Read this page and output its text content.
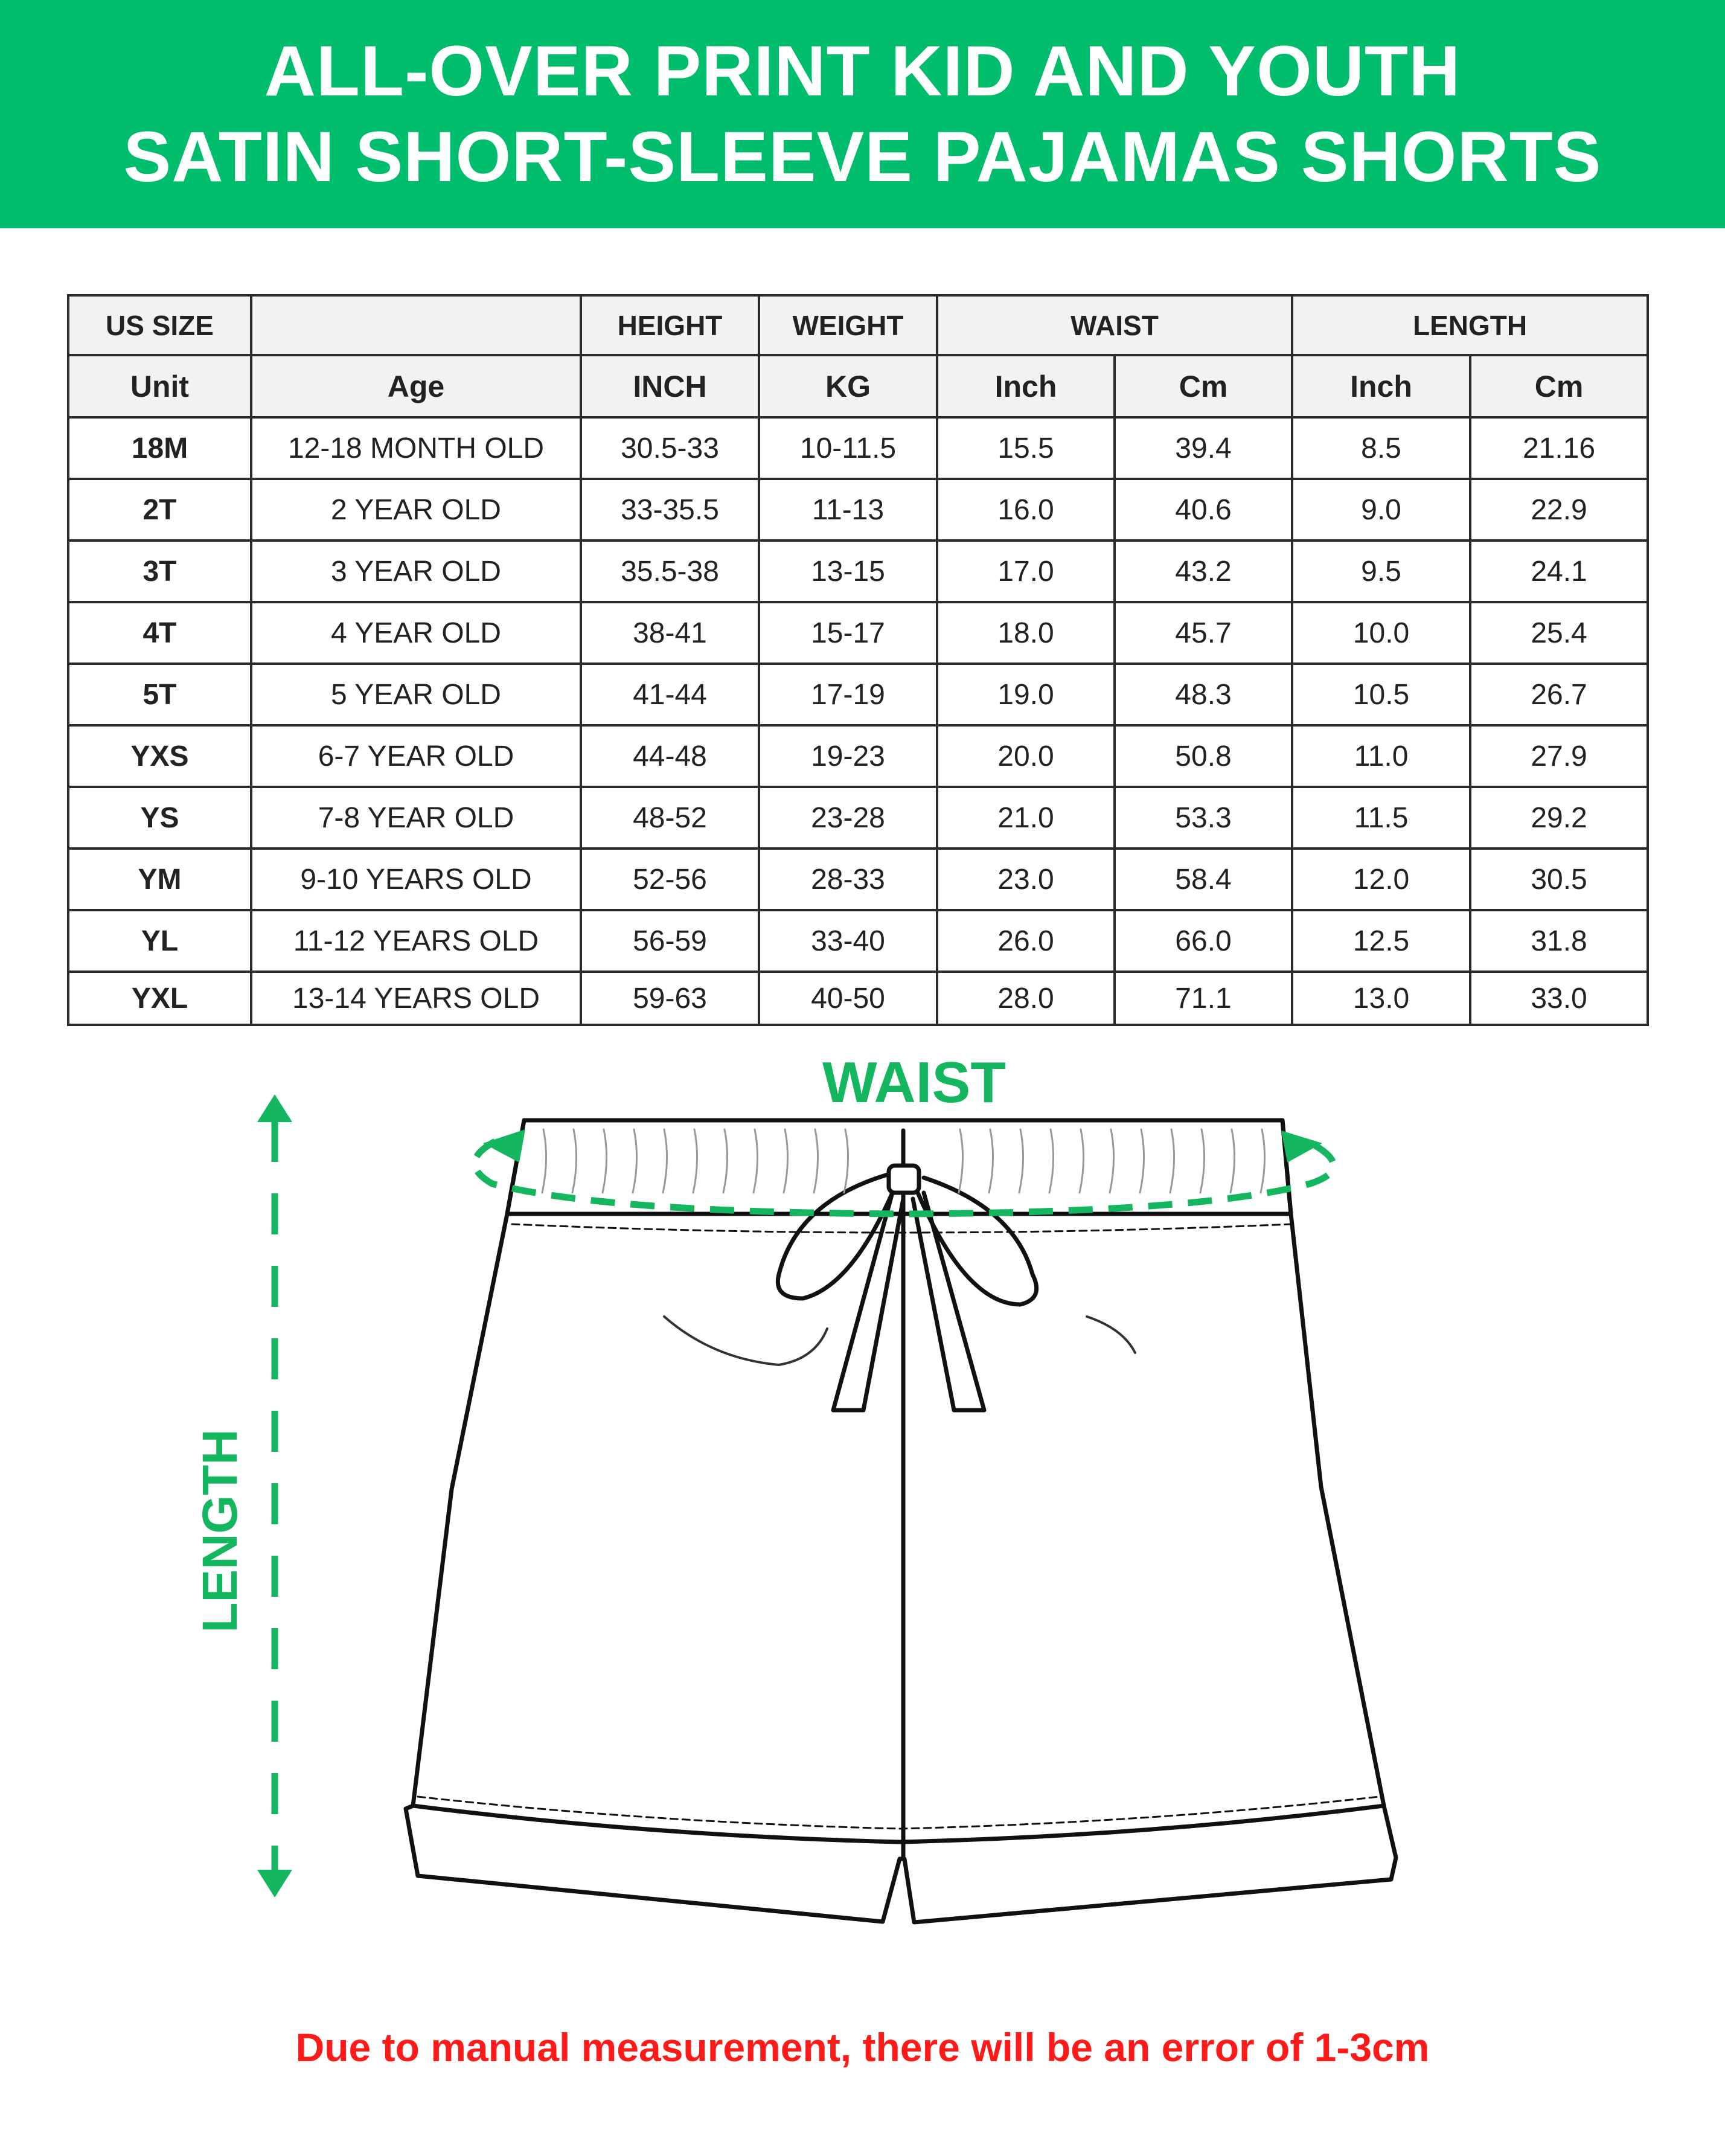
ALL-OVER PRINT KID AND YOUTH
SATIN SHORT-SLEEVE PAJAMAS SHORTS
US SIZE		HEIGHT	WEIGHT	WAIST		LENGTH	
Unit	Age	INCH	KG	Inch	Cm	Inch	Cm
18M	12-18 MONTH OLD	30.5-33	10-11.5	15.5	39.4	8.5	21.16
2T	2 YEAR OLD	33-35.5	11-13	16.0	40.6	9.0	22.9
3T	3 YEAR OLD	35.5-38	13-15	17.0	43.2	9.5	24.1
4T	4 YEAR OLD	38-41	15-17	18.0	45.7	10.0	25.4
5T	5 YEAR OLD	41-44	17-19	19.0	48.3	10.5	26.7
YXS	6-7 YEAR OLD	44-48	19-23	20.0	50.8	11.0	27.9
YS	7-8 YEAR OLD	48-52	23-28	21.0	53.3	11.5	29.2
YM	9-10 YEARS OLD	52-56	28-33	23.0	58.4	12.0	30.5
YL	11-12 YEARS OLD	56-59	33-40	26.0	66.0	12.5	31.8
YXL	13-14 YEARS OLD	59-63	40-50	28.0	71.1	13.0	33.0
WAIST
LENGTH
Due to manual measurement, there will be an error of 1-3cm
